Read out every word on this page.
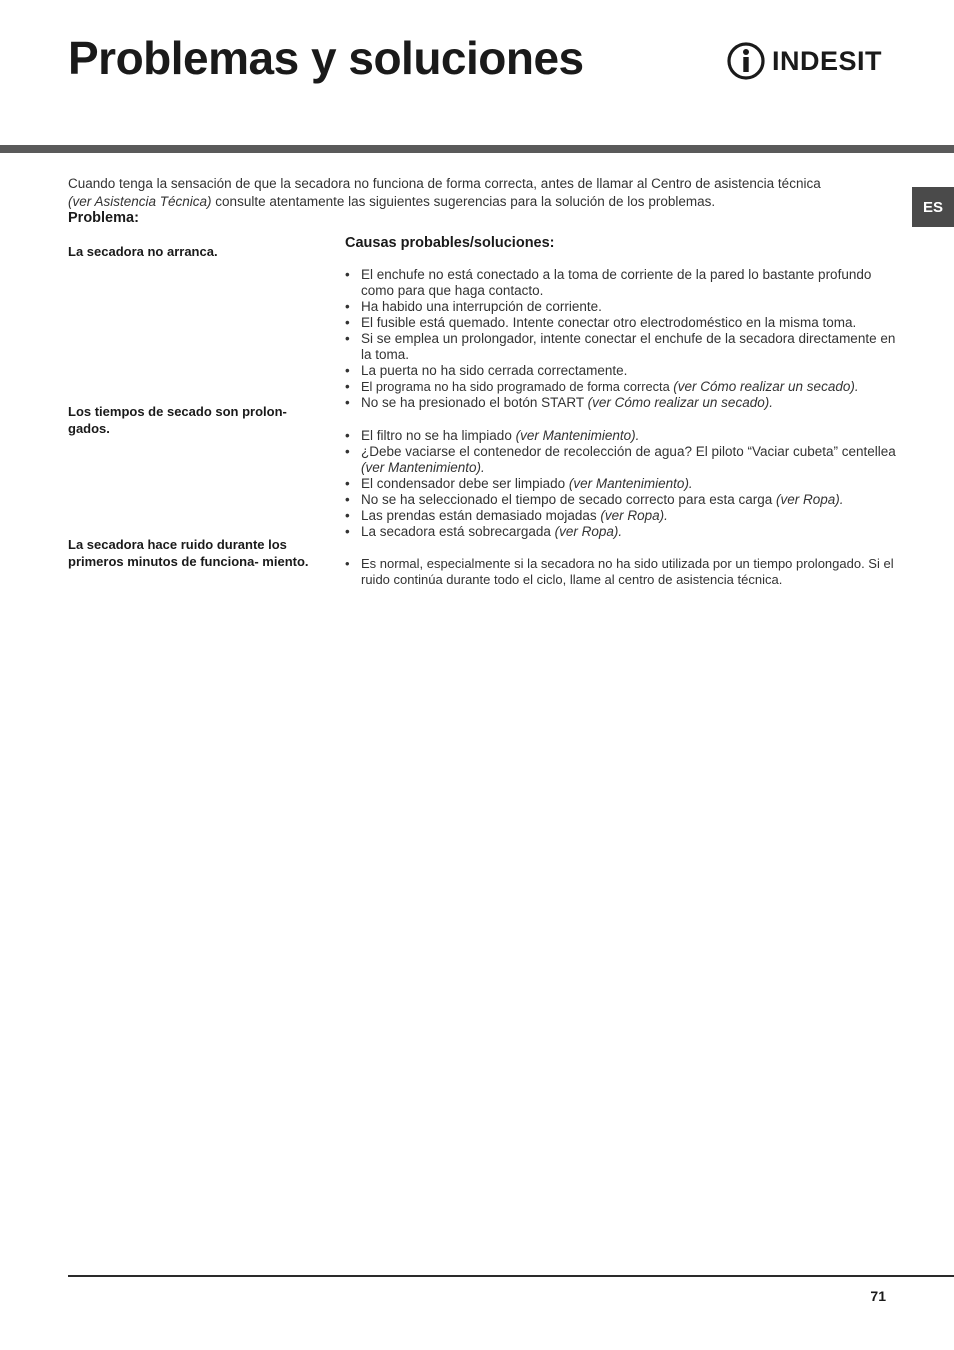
Problemas y soluciones	INDESIT
ES

Cuando tenga la sensación de que la secadora no funciona de forma correcta, antes de llamar al Centro de asistencia técnica

(ver Asistencia Técnica) consulte atentamente las siguientes sugerencias para la solución de los problemas.

Problema:
Causas probables/soluciones:
La secadora no arranca.
• El enchufe no está conectado a la toma de corriente de la pared lo bastante profundo como para que haga contacto.
• Ha habido una interrupción de corriente.
• El fusible está quemado. Intente conectar otro electrodoméstico en la misma toma.
• Si se emplea un prolongador, intente conectar el enchufe de la secadora directamente en la toma.
• La puerta no ha sido cerrada correctamente.
• El programa no ha sido programado de forma correcta (ver Cómo realizar un secado).
• No se ha presionado el botón START (ver Cómo realizar un secado).
Los tiempos de secado son prolon- gados.	• El filtro no se ha limpiado (ver Mantenimiento).
• ¿Debe vaciarse el contenedor de recolección de agua? El piloto “Vaciar cubeta” centellea (ver Mantenimiento).
• El condensador debe ser limpiado (ver Mantenimiento).
• No se ha seleccionado el tiempo de secado correcto para esta carga (ver Ropa).
• Las prendas están demasiado mojadas (ver Ropa).
• La secadora está sobrecargada (ver Ropa).
La secadora hace ruido durante los primeros minutos de funciona- miento.	• Es normal, especialmente si la secadora no ha sido utilizada por un tiempo prolongado. Si el ruido continúa durante todo el ciclo, llame al centro de asistencia técnica.
71
